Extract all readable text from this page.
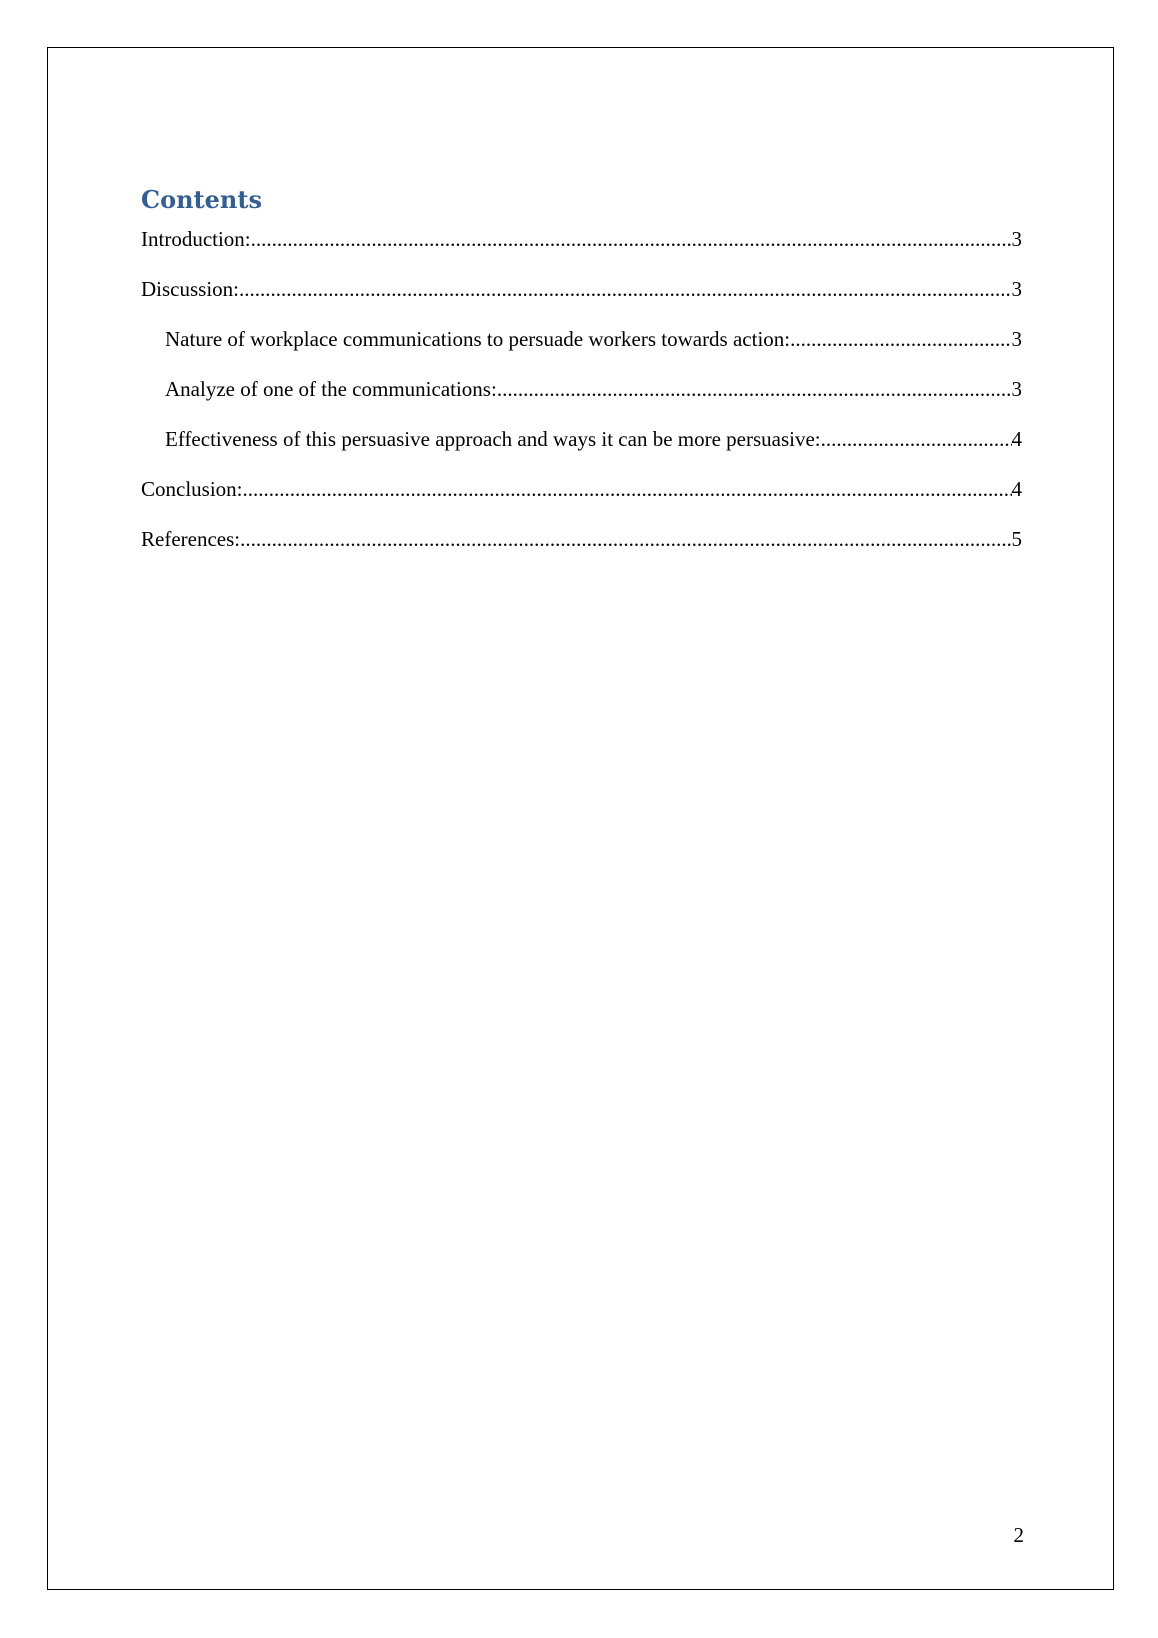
Contents
Introduction: .....	3
Discussion: .....	3
Nature of workplace communications to persuade workers towards action: .....	3
Analyze of one of the communications: .....	3
Effectiveness of this persuasive approach and ways it can be more persuasive: .....	4
Conclusion: .....	4
References: .....	5
2
